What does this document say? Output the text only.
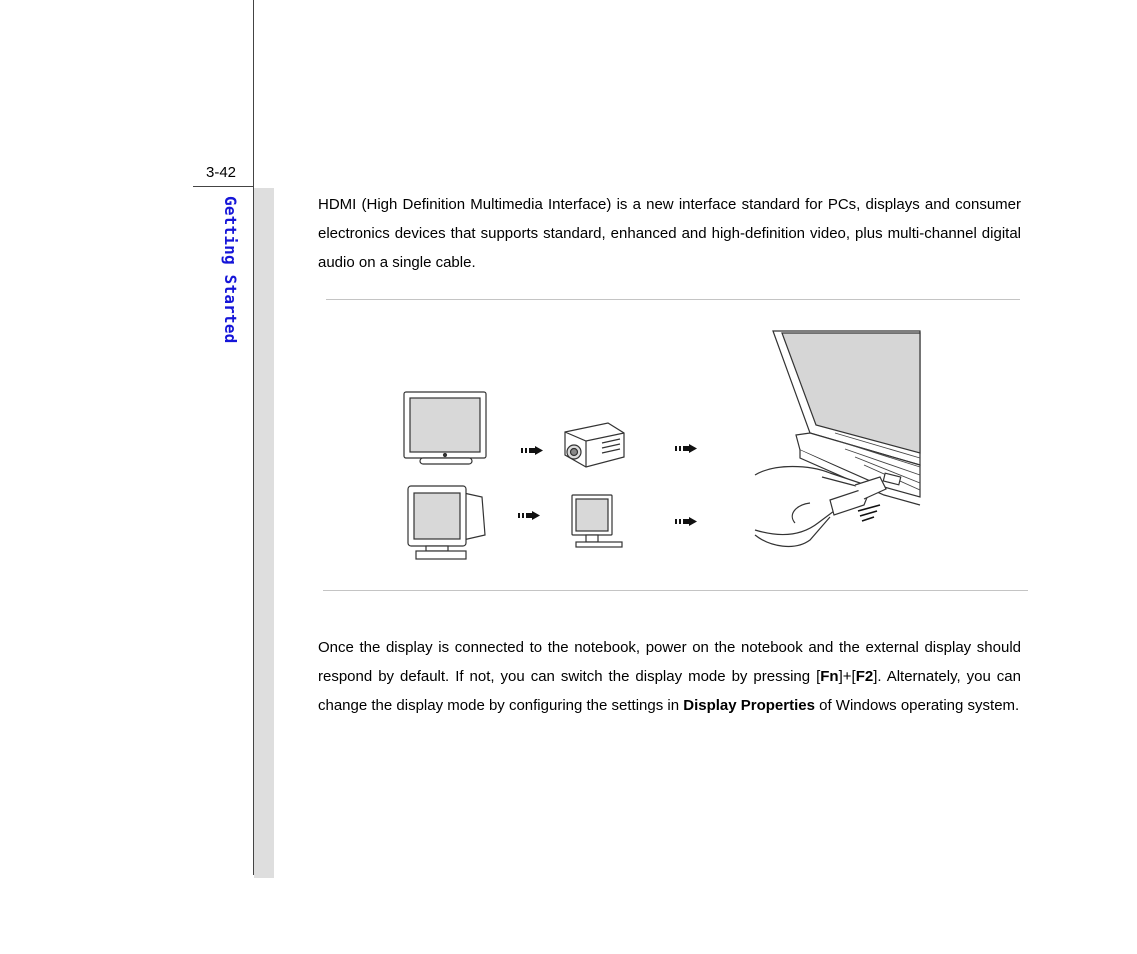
3-42
Getting Started	HDMI (High Definition Multimedia Interface) is a new interface standard for PCs, displays and consumer electronics devices that supports standard, enhanced and high-definition video, plus multi-channel digital audio on a single cable.

Once the display is connected to the notebook, power on the notebook and the external display should respond by default. If not, you can switch the display mode by pressing [Fn]+[F2]. Alternately, you can change the display mode by configuring the settings in Display Properties of Windows operating system.
